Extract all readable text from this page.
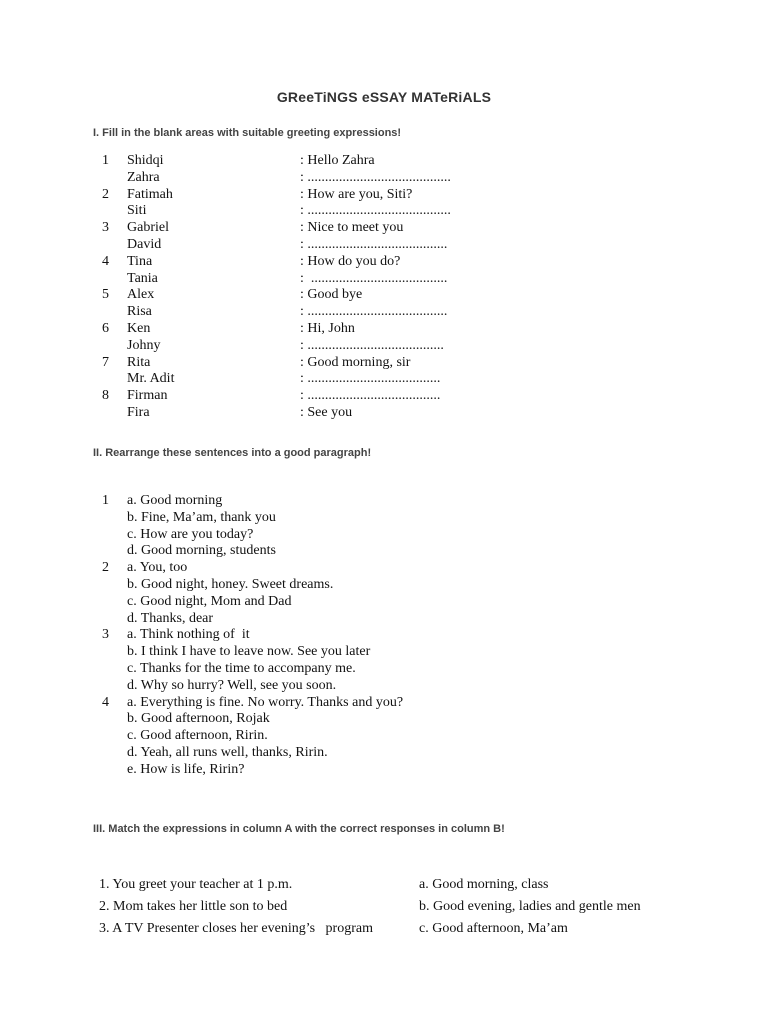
GReeTiNGS eSSAY MATeRiALS
I. Fill in the blank areas with suitable greeting expressions!
1 Shidqi	: Hello Zahra
Zahra	: .........................................
2 Fatimah	: How are you, Siti?
Siti	: .........................................
3 Gabriel	: Nice to meet you
David	: ........................................
4 Tina	: How do you do?
Tania	:  .......................................
5 Alex	: Good bye
Risa	: ........................................
6 Ken	: Hi, John
Johny	: .......................................
7 Rita	: Good morning, sir
Mr. Adit	: ......................................
8 Firman	: ......................................
Fira	: See you
II. Rearrange these sentences into a good paragraph!
1 a. Good morning
b. Fine, Ma’am, thank you
c. How are you today?
d. Good morning, students
2 a. You, too
b. Good night, honey. Sweet dreams.
c. Good night, Mom and Dad
d. Thanks, dear
3 a. Think nothing of  it
b. I think I have to leave now. See you later
c. Thanks for the time to accompany me.
d. Why so hurry? Well, see you soon.
4 a. Everything is fine. No worry. Thanks and you?
b. Good afternoon, Rojak
c. Good afternoon, Ririn.
d. Yeah, all runs well, thanks, Ririn.
e. How is life, Ririn?
III. Match the expressions in column A with the correct responses in column B!
1. You greet your teacher at 1 p.m.	a. Good morning, class
2. Mom takes her little son to bed	b. Good evening, ladies and gentle men
3. A TV Presenter closes her evening’s   program	c. Good afternoon, Ma’am
